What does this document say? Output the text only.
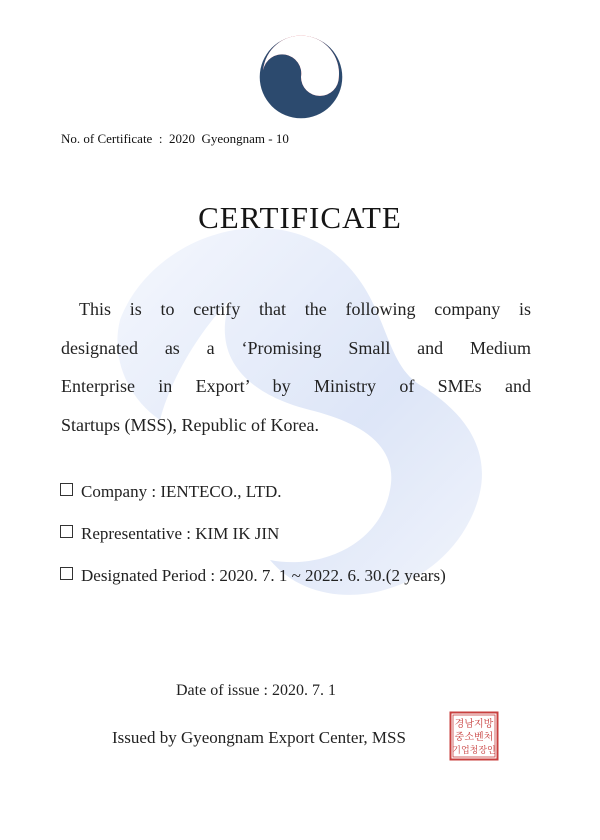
No. of Certificate : 2020  Gyeongnam - 10
CERTIFICATE
This is to certify that the following company is
designated as a ‘Promising Small and Medium
Enterprise in Export’ by Ministry of SMEs and
Startups (MSS), Republic of Korea.
Company : IENTECO., LTD.
Representative : KIM IK JIN
Designated Period : 2020. 7. 1 ~ 2022. 6. 30.(2 years)
Date of issue : 2020. 7. 1
Issued by Gyeongnam Export Center, MSS
경남지방
중소벤처
기업청장인
